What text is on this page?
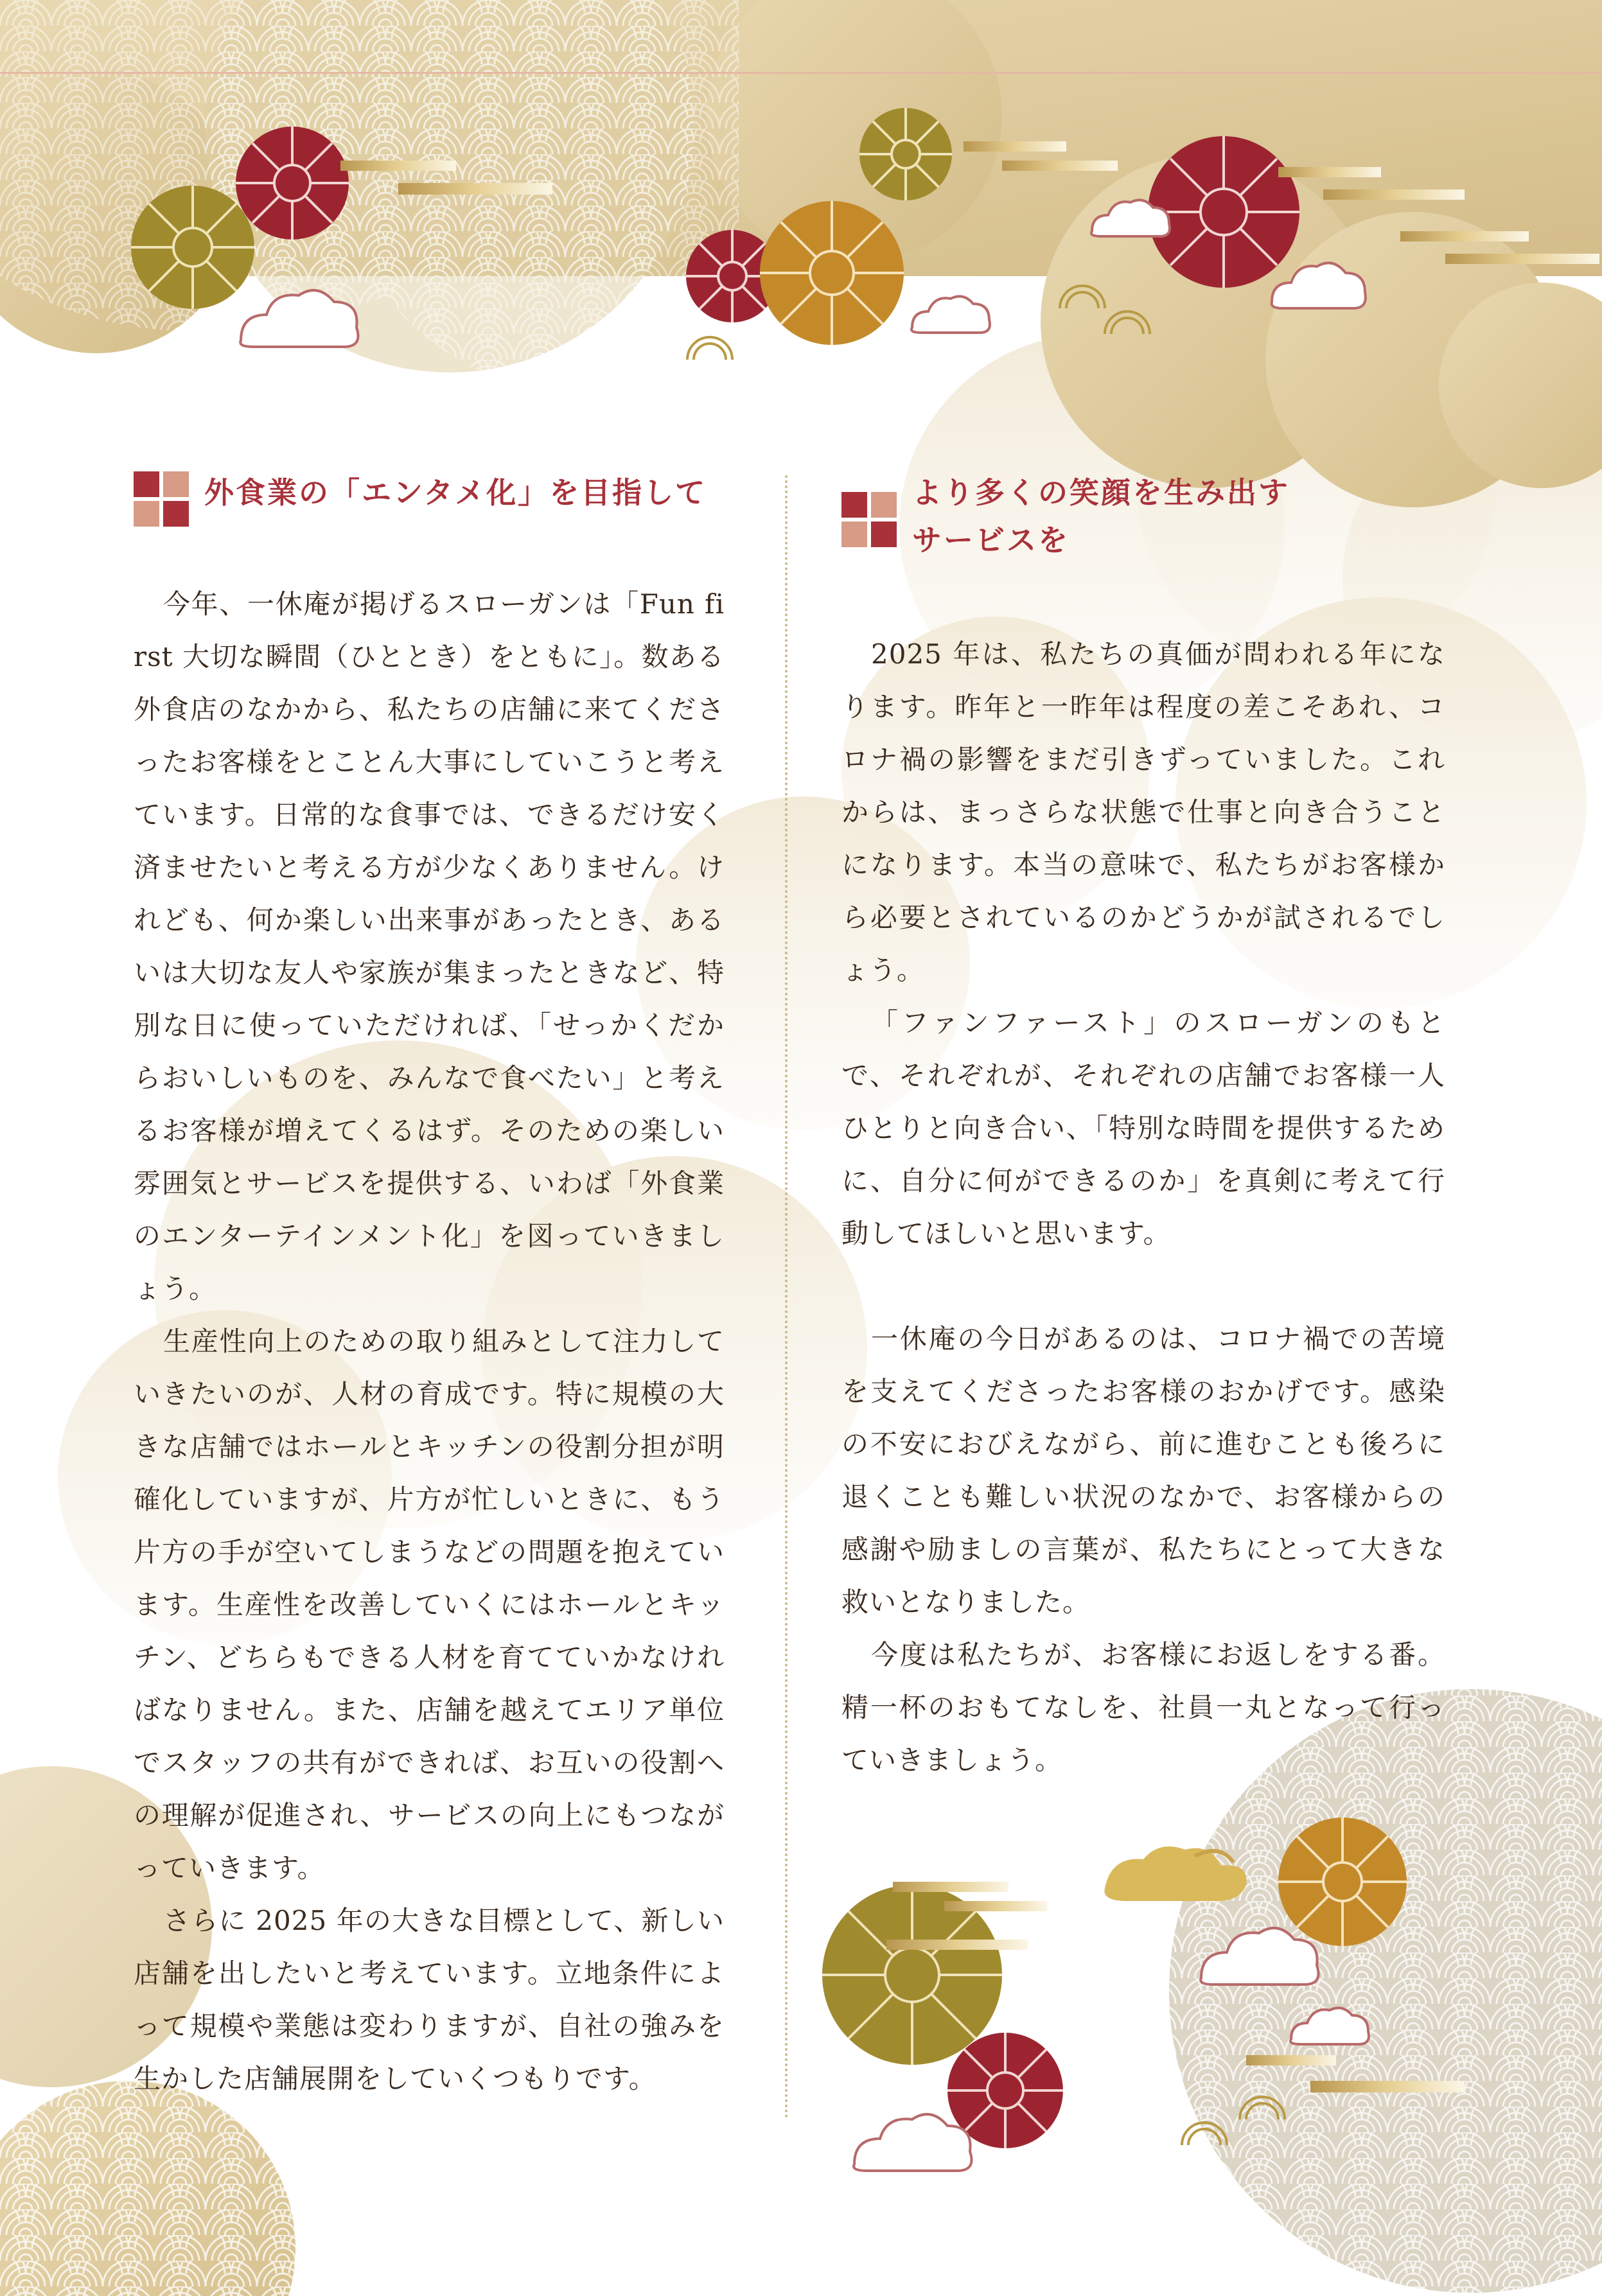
外食業の「エンタメ化」を目指して

今年、一休庵が掲げるスローガンは「Fun first 大切な瞬間（ひととき）をともに」。数ある外食店のなかから、私たちの店舗に来てくださったお客様をとことん大事にしていこうと考えています。日常的な食事では、できるだけ安く済ませたいと考える方が少なくありません。けれども、何か楽しい出来事があったとき、あるいは大切な友人や家族が集まったときなど、特別な日に使っていただければ、「せっかくだからおいしいものを、みんなで食べたい」と考えるお客様が増えてくるはず。そのための楽しい雰囲気とサービスを提供する、いわば「外食業のエンターテインメント化」を図っていきましょう。

生産性向上のための取り組みとして注力していきたいのが、人材の育成です。特に規模の大きな店舗ではホールとキッチンの役割分担が明確化していますが、片方が忙しいときに、もう片方の手が空いてしまうなどの問題を抱えています。生産性を改善していくにはホールとキッチン、どちらもできる人材を育てていかなければなりません。また、店舗を越えてエリア単位でスタッフの共有ができれば、お互いの役割への理解が促進され、サービスの向上にもつながっていきます。

さらに 2025 年の大きな目標として、新しい店舗を出したいと考えています。立地条件によって規模や業態は変わりますが、自社の強みを生かした店舗展開をしていくつもりです。

より多くの笑顔を生み出す
サービスを

2025 年は、私たちの真価が問われる年になります。昨年と一昨年は程度の差こそあれ、コロナ禍の影響をまだ引きずっていました。これからは、まっさらな状態で仕事と向き合うことになります。本当の意味で、私たちがお客様から必要とされているのかどうかが試されるでしょう。

「ファンファースト」のスローガンのもとで、それぞれが、それぞれの店舗でお客様一人ひとりと向き合い、「特別な時間を提供するために、自分に何ができるのか」を真剣に考えて行動してほしいと思います。

一休庵の今日があるのは、コロナ禍での苦境を支えてくださったお客様のおかげです。感染の不安におびえながら、前に進むことも後ろに退くことも難しい状況のなかで、お客様からの感謝や励ましの言葉が、私たちにとって大きな救いとなりました。

今度は私たちが、お客様にお返しをする番。精一杯のおもてなしを、社員一丸となって行っていきましょう。
